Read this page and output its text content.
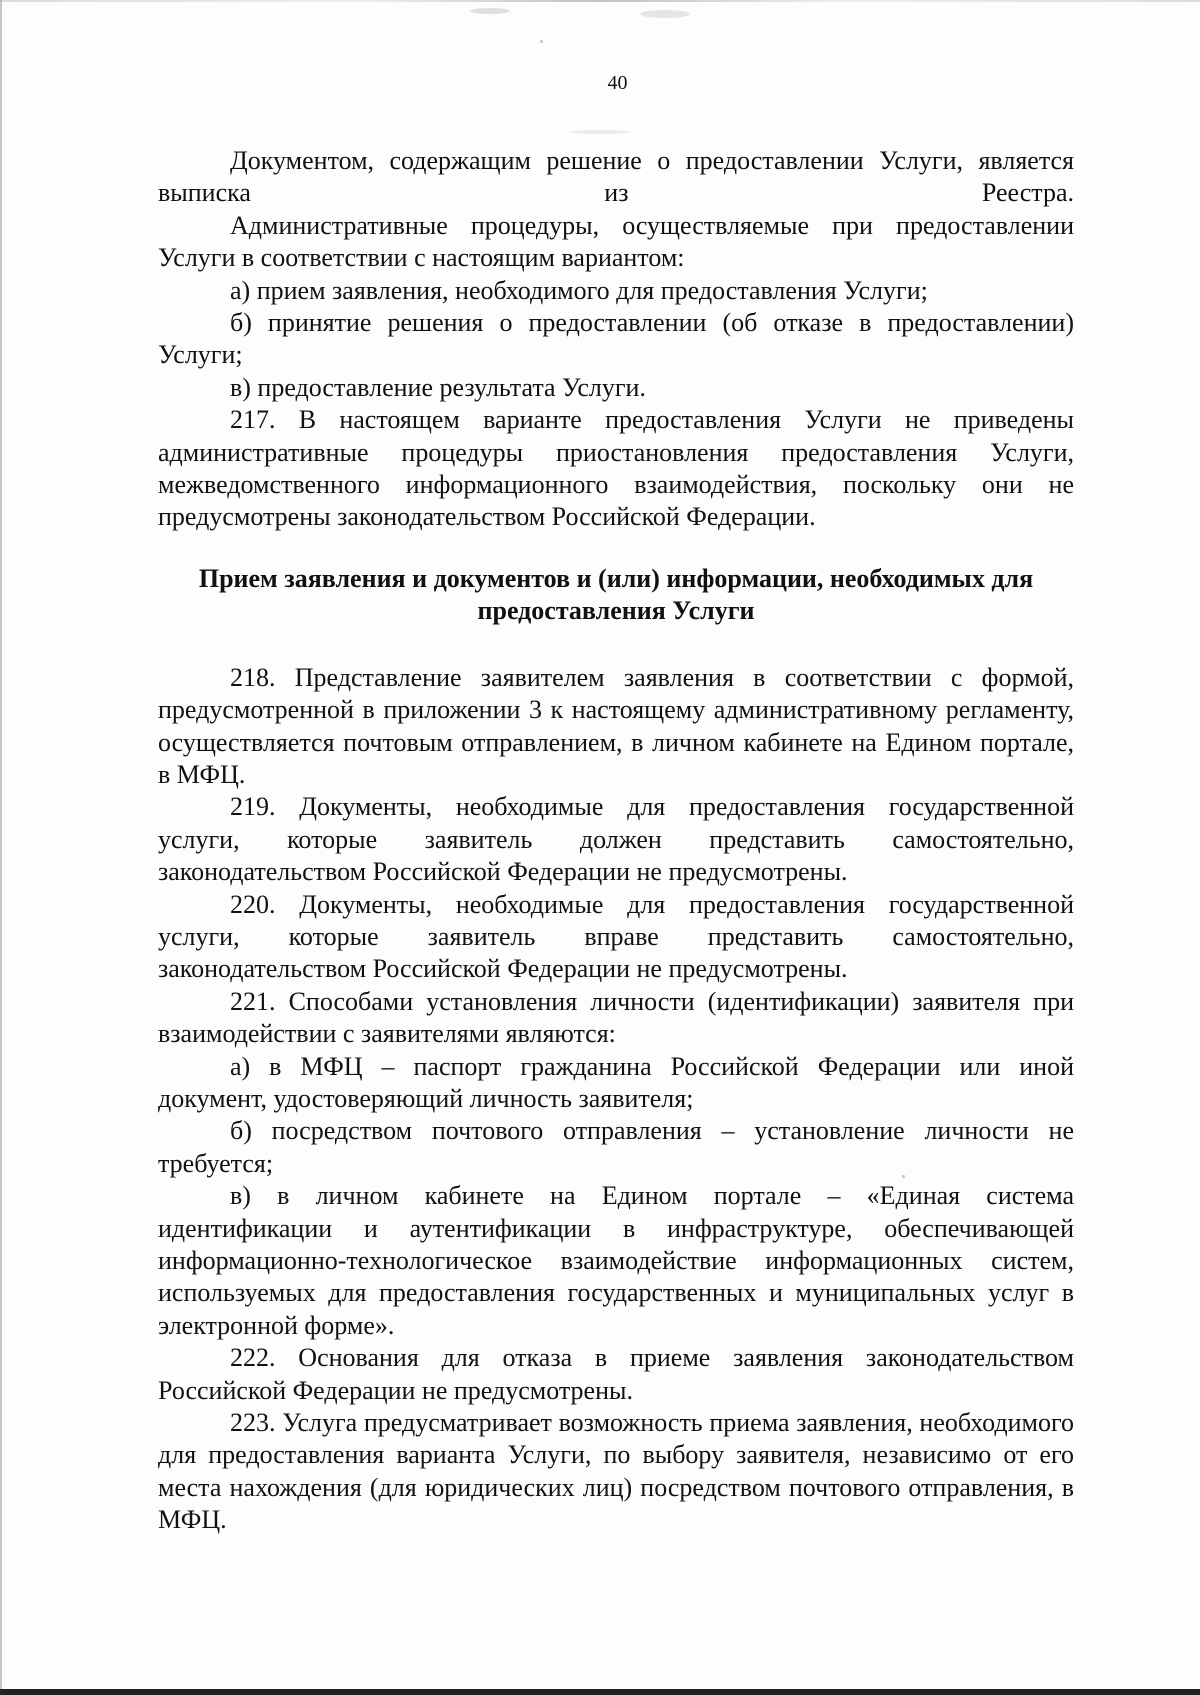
40

Документом, содержащим решение о предоставлении Услуги, является выписка из Реестра.

Административные процедуры, осуществляемые при предоставлении Услуги в соответствии с настоящим вариантом:

а) прием заявления, необходимого для предоставления Услуги;

б) принятие решения о предоставлении (об отказе в предоставлении) Услуги;

в) предоставление результата Услуги.

217. В настоящем варианте предоставления Услуги не приведены административные процедуры приостановления предоставления Услуги, межведомственного информационного взаимодействия, поскольку они не предусмотрены законодательством Российской Федерации.

Прием заявления и документов и (или) информации, необходимых для предоставления Услуги

218. Представление заявителем заявления в соответствии с формой, предусмотренной в приложении 3 к настоящему административному регламенту, осуществляется почтовым отправлением, в личном кабинете на Едином портале, в МФЦ.

219. Документы, необходимые для предоставления государственной услуги, которые заявитель должен представить самостоятельно, законодательством Российской Федерации не предусмотрены.

220. Документы, необходимые для предоставления государственной услуги, которые заявитель вправе представить самостоятельно, законодательством Российской Федерации не предусмотрены.

221. Способами установления личности (идентификации) заявителя при взаимодействии с заявителями являются:

а) в МФЦ – паспорт гражданина Российской Федерации или иной документ, удостоверяющий личность заявителя;

б) посредством почтового отправления – установление личности не требуется;

в) в личном кабинете на Едином портале – «Единая система идентификации и аутентификации в инфраструктуре, обеспечивающей информационно-технологическое взаимодействие информационных систем, используемых для предоставления государственных и муниципальных услуг в электронной форме».

222. Основания для отказа в приеме заявления законодательством Российской Федерации не предусмотрены.

223. Услуга предусматривает возможность приема заявления, необходимого для предоставления варианта Услуги, по выбору заявителя, независимо от его места нахождения (для юридических лиц) посредством почтового отправления, в МФЦ.
